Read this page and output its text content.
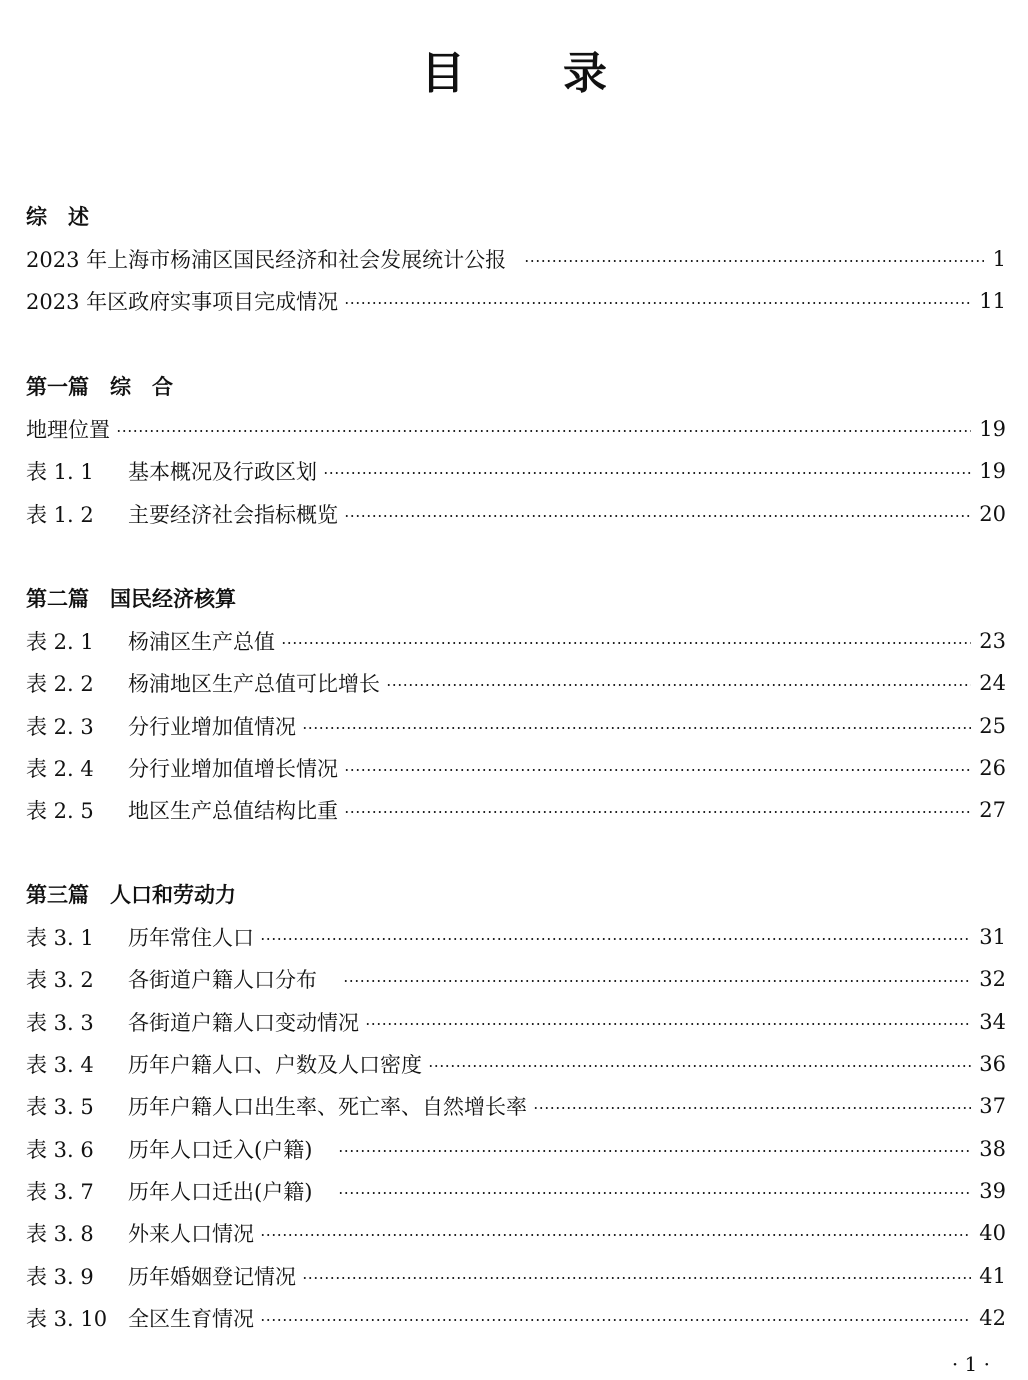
目 录
综　述
2023 年上海市杨浦区国民经济和社会发展统计公报	1
2023 年区政府实事项目完成情况	11
第一篇　综　合
地理位置	19
表 1. 1	基本概况及行政区划	19
表 1. 2	主要经济社会指标概览	20
第二篇　国民经济核算
表 2. 1	杨浦区生产总值	23
表 2. 2	杨浦地区生产总值可比增长	24
表 2. 3	分行业增加值情况	25
表 2. 4	分行业增加值增长情况	26
表 2. 5	地区生产总值结构比重	27
第三篇　人口和劳动力
表 3. 1	历年常住人口	31
表 3. 2	各街道户籍人口分布	32
表 3. 3	各街道户籍人口变动情况	34
表 3. 4	历年户籍人口、户数及人口密度	36
表 3. 5	历年户籍人口出生率、死亡率、自然增长率	37
表 3. 6	历年人口迁入(户籍)	38
表 3. 7	历年人口迁出(户籍)	39
表 3. 8	外来人口情况	40
表 3. 9	历年婚姻登记情况	41
表 3. 10 全区生育情况	42
· 1 ·
